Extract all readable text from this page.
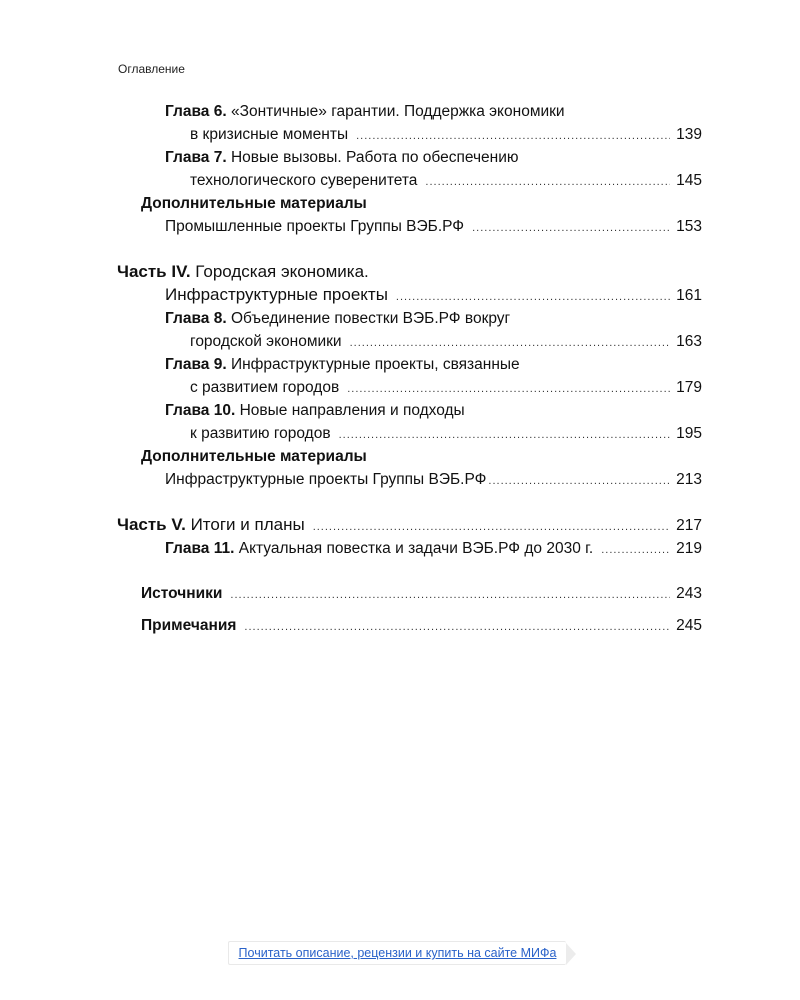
Оглавление
Глава 6. «Зонтичные» гарантии. Поддержка экономики
в кризисные моменты .....	139
Глава 7. Новые вызовы. Работа по обеспечению
технологического суверенитета .....	145
Дополнительные материалы
Промышленные проекты Группы ВЭБ.РФ .....	153
Часть IV. Городская экономика.
Инфраструктурные проекты .....	161
Глава 8. Объединение повестки ВЭБ.РФ вокруг
городской экономики .....	163
Глава 9. Инфраструктурные проекты, связанные
с развитием городов .....	179
Глава 10. Новые направления и подходы
к развитию городов .....	195
Дополнительные материалы
Инфраструктурные проекты Группы ВЭБ.РФ .....	213
Часть V. Итоги и планы .....	217
Глава 11. Актуальная повестка и задачи ВЭБ.РФ до 2030 г. .....	219
Источники .....	243
Примечания .....	245
Почитать описание, рецензии и купить на сайте МИФа
